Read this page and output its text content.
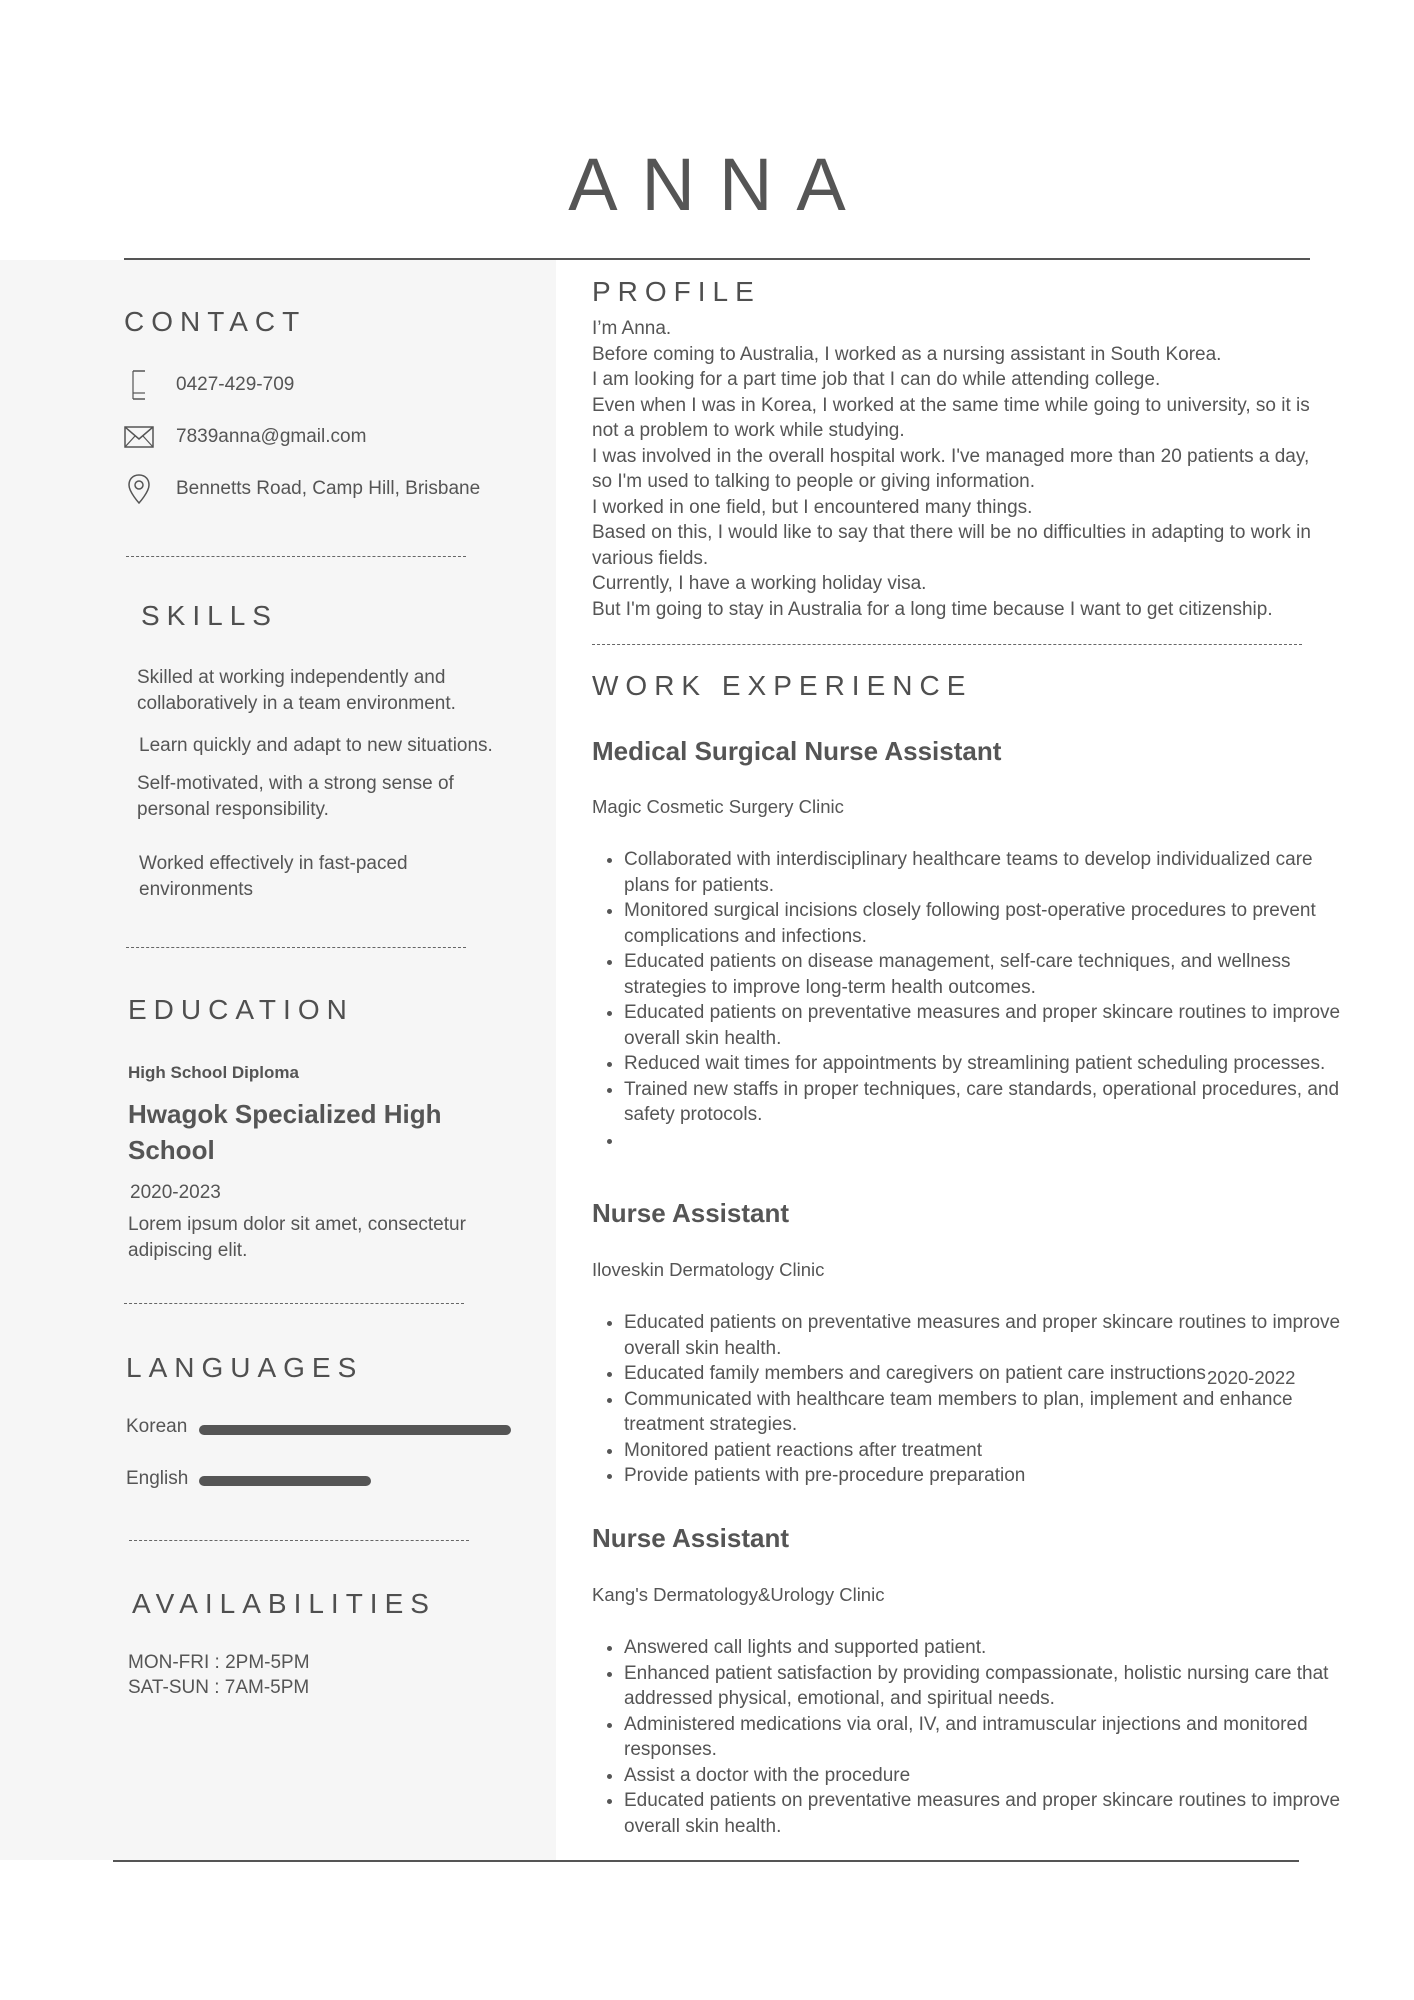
ANNA
CONTACT
0427-429-709
7839anna@gmail.com
Bennetts Road, Camp Hill, Brisbane
SKILLS
Skilled at working independently and collaboratively in a team environment.
Learn quickly and adapt to new situations.
Self-motivated, with a strong sense of personal responsibility.
Worked effectively in fast-paced environments
EDUCATION
High School Diploma
Hwagok Specialized High School
2020-2023
Lorem ipsum dolor sit amet, consectetur adipiscing elit.
LANGUAGES
Korean
English
AVAILABILITIES
MON-FRI : 2PM-5PM
SAT-SUN : 7AM-5PM
PROFILE

I’m Anna.

Before coming to Australia, I worked as a nursing assistant in South Korea.

I am looking for a part time job that I can do while attending college.

Even when I was in Korea, I worked at the same time while going to university, so it is not a problem to work while studying.

I was involved in the overall hospital work. I've managed more than 20 patients a day, so I'm used to talking to people or giving information.

I worked in one field, but I encountered many things.

Based on this, I would like to say that there will be no difficulties in adapting to work in various fields.

Currently, I have a working holiday visa.

But I'm going to stay in Australia for a long time because I want to get citizenship.

WORK EXPERIENCE
Medical Surgical Nurse Assistant
Magic Cosmetic Surgery Clinic
• Collaborated with interdisciplinary healthcare teams to develop individualized care plans for patients.
• Monitored surgical incisions closely following post-operative procedures to prevent complications and infections.
• Educated patients on disease management, self-care techniques, and wellness strategies to improve long-term health outcomes.
• Educated patients on preventative measures and proper skincare routines to improve overall skin health.
• Reduced wait times for appointments by streamlining patient scheduling processes.
• Trained new staffs in proper techniques, care standards, operational procedures, and safety protocols.
•
Nurse Assistant
Iloveskin Dermatology Clinic
2020-2022
• Educated patients on preventative measures and proper skincare routines to improve overall skin health.
• Educated family members and caregivers on patient care instructions
• Communicated with healthcare team members to plan, implement and enhance treatment strategies.
• Monitored patient reactions after treatment
• Provide patients with pre-procedure preparation
Nurse Assistant
Kang's Dermatology&Urology Clinic
• Answered call lights and supported patient.
• Enhanced patient satisfaction by providing compassionate, holistic nursing care that addressed physical, emotional, and spiritual needs.
• Administered medications via oral, IV, and intramuscular injections and monitored responses.
• Assist a doctor with the procedure
• Educated patients on preventative measures and proper skincare routines to improve overall skin health.
